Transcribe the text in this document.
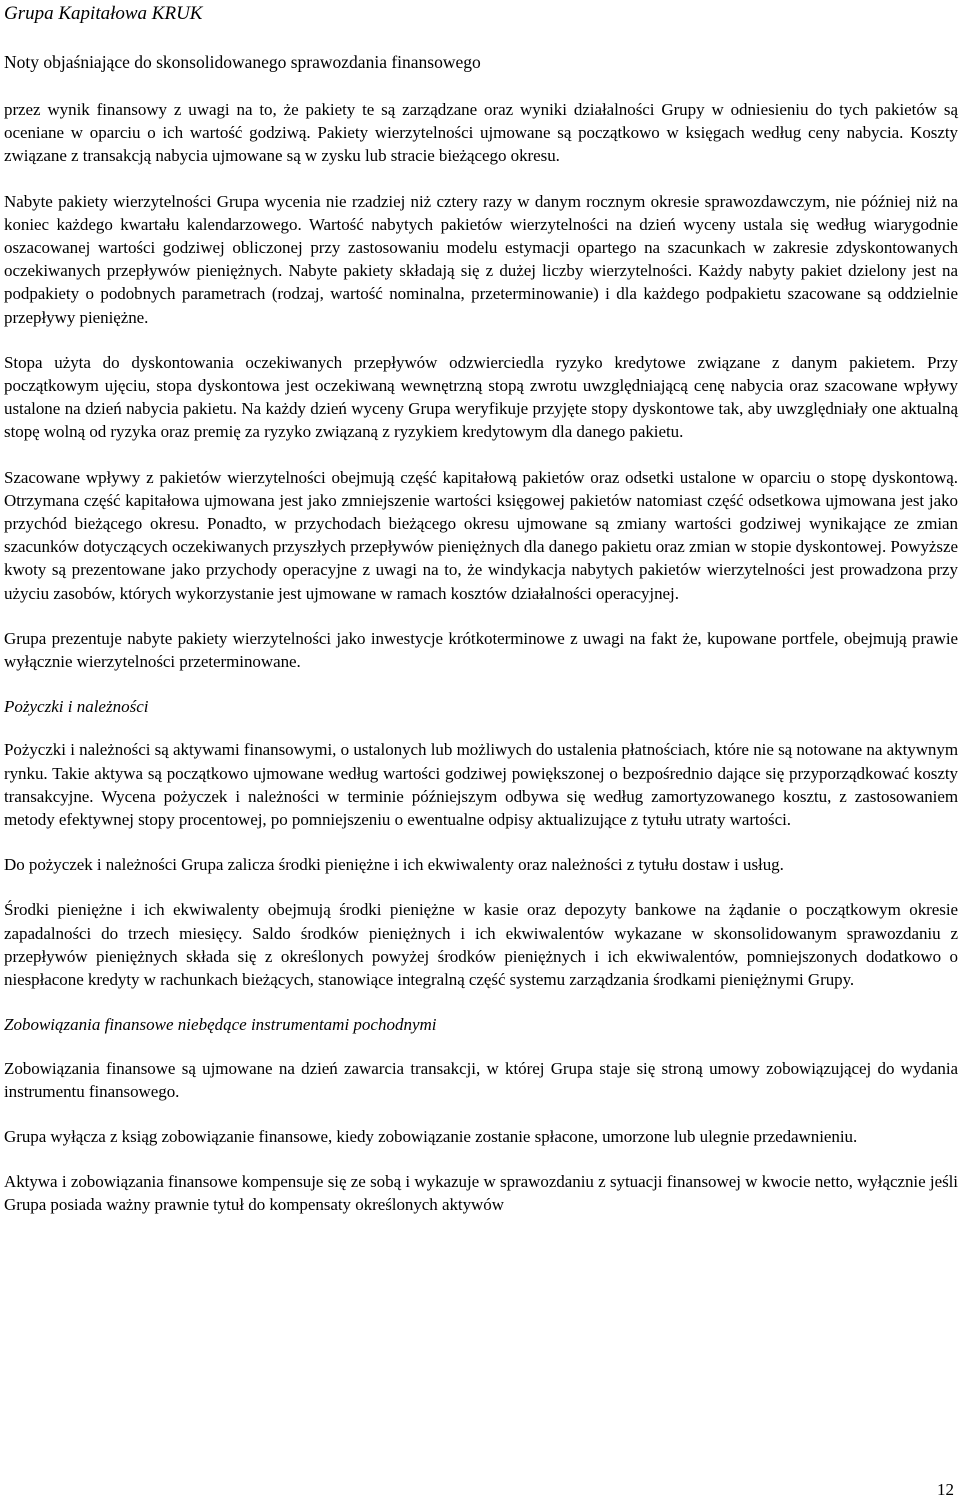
Grupa Kapitałowa KRUK
Noty objaśniające do skonsolidowanego sprawozdania finansowego

przez wynik finansowy z uwagi na to, że pakiety te są zarządzane oraz wyniki działalności Grupy w odniesieniu do tych pakietów są oceniane w oparciu o ich wartość godziwą. Pakiety wierzytelności ujmowane są początkowo w księgach według ceny nabycia. Koszty związane z transakcją nabycia ujmowane są w zysku lub stracie bieżącego okresu.

Nabyte pakiety wierzytelności Grupa wycenia nie rzadziej niż cztery razy w danym rocznym okresie sprawozdawczym, nie później niż na koniec każdego kwartału kalendarzowego. Wartość nabytych pakietów wierzytelności na dzień wyceny ustala się według wiarygodnie oszacowanej wartości godziwej obliczonej przy zastosowaniu modelu estymacji opartego na szacunkach w zakresie zdyskontowanych oczekiwanych przepływów pieniężnych. Nabyte pakiety składają się z dużej liczby wierzytelności. Każdy nabyty pakiet dzielony jest na podpakiety o podobnych parametrach (rodzaj, wartość nominalna, przeterminowanie) i dla każdego podpakietu szacowane są oddzielnie przepływy pieniężne.

Stopa użyta do dyskontowania oczekiwanych przepływów odzwierciedla ryzyko kredytowe związane z danym pakietem. Przy początkowym ujęciu, stopa dyskontowa jest oczekiwaną wewnętrzną stopą zwrotu uwzględniającą cenę nabycia oraz szacowane wpływy ustalone na dzień nabycia pakietu. Na każdy dzień wyceny Grupa weryfikuje przyjęte stopy dyskontowe tak, aby uwzględniały one aktualną stopę wolną od ryzyka oraz premię za ryzyko związaną z ryzykiem kredytowym dla danego pakietu.

Szacowane wpływy z pakietów wierzytelności obejmują część kapitałową pakietów oraz odsetki ustalone w oparciu o stopę dyskontową. Otrzymana część kapitałowa ujmowana jest jako zmniejszenie wartości księgowej pakietów natomiast część odsetkowa ujmowana jest jako przychód bieżącego okresu. Ponadto, w przychodach bieżącego okresu ujmowane są zmiany wartości godziwej wynikające ze zmian szacunków dotyczących oczekiwanych przyszłych przepływów pieniężnych dla danego pakietu oraz zmian w stopie dyskontowej. Powyższe kwoty są prezentowane jako przychody operacyjne z uwagi na to, że windykacja nabytych pakietów wierzytelności jest prowadzona przy użyciu zasobów, których wykorzystanie jest ujmowane w ramach kosztów działalności operacyjnej.

Grupa prezentuje nabyte pakiety wierzytelności jako inwestycje krótkoterminowe z uwagi na fakt że, kupowane portfele, obejmują prawie wyłącznie wierzytelności przeterminowane.

Pożyczki i należności

Pożyczki i należności są aktywami finansowymi, o ustalonych lub możliwych do ustalenia płatnościach, które nie są notowane na aktywnym rynku. Takie aktywa są początkowo ujmowane według wartości godziwej powiększonej o bezpośrednio dające się przyporządkować koszty transakcyjne. Wycena pożyczek i należności w terminie późniejszym odbywa się według zamortyzowanego kosztu, z zastosowaniem metody efektywnej stopy procentowej, po pomniejszeniu o ewentualne odpisy aktualizujące z tytułu utraty wartości.

Do pożyczek i należności Grupa zalicza środki pieniężne i ich ekwiwalenty oraz należności z tytułu dostaw i usług.

Środki pieniężne i ich ekwiwalenty obejmują środki pieniężne w kasie oraz depozyty bankowe na żądanie o początkowym okresie zapadalności do trzech miesięcy. Saldo środków pieniężnych i ich ekwiwalentów wykazane w skonsolidowanym sprawozdaniu z przepływów pieniężnych składa się z określonych powyżej środków pieniężnych i ich ekwiwalentów, pomniejszonych dodatkowo o niespłacone kredyty w rachunkach bieżących, stanowiące integralną część systemu zarządzania środkami pieniężnymi Grupy.

Zobowiązania finansowe niebędące instrumentami pochodnymi

Zobowiązania finansowe są ujmowane na dzień zawarcia transakcji, w której Grupa staje się stroną umowy zobowiązującej do wydania instrumentu finansowego.

Grupa wyłącza z ksiąg zobowiązanie finansowe, kiedy zobowiązanie zostanie spłacone, umorzone lub ulegnie przedawnieniu.

Aktywa i zobowiązania finansowe kompensuje się ze sobą i wykazuje w sprawozdaniu z sytuacji finansowej w kwocie netto, wyłącznie jeśli Grupa posiada ważny prawnie tytuł do kompensaty określonych aktywów

12
